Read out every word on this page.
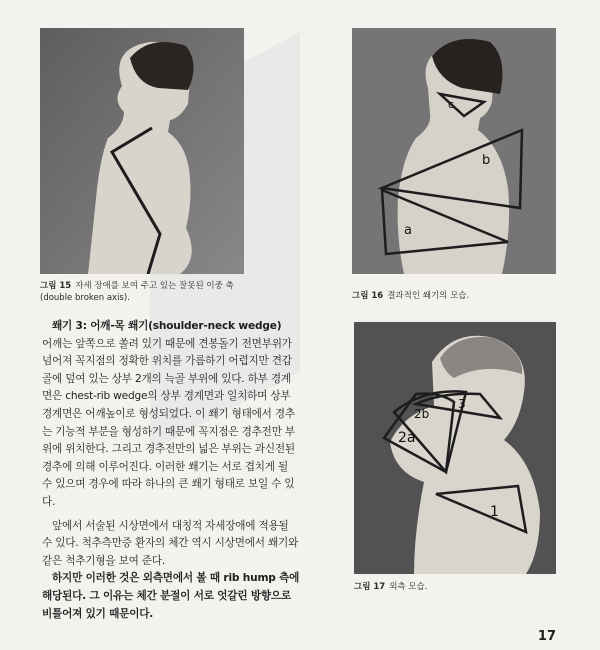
그림 15 자세 장애를 보여 주고 있는 잘못된 이중 축 (double broken axis).
c
b
a
그림 16 결과적인 쐐기의 모습.
2b
3
2a
1
그림 17 외측 모습.

쐐기 3: 어깨-목 쐐기(shoulder-neck wedge)

어깨는 앞쪽으로 쏠려 있기 때문에 견봉돌기 전면부위가 넘어져 꼭지점의 정확한 위치를 가름하기 어렵지만 견갑골에 덮여 있는 상부 2개의 늑골 부위에 있다. 하부 경계면은 chest-rib wedge의 상부 경계면과 일치하며 상부 경계면은 어깨높이로 형성되었다. 이 쐐기 형태에서 경추는 기능적 부분을 형성하기 때문에 꼭지점은 경추전만 부위에 위치한다. 그리고 경추전만의 넓은 부위는 과신전된 경추에 의해 이루어진다. 이러한 쐐기는 서로 겹치게 될 수 있으며 경우에 따라 하나의 큰 쐐기 형태로 보일 수 있다.

앞에서 서술된 시상면에서 대칭적 자세장애에 적용될 수 있다. 척추측만증 환자의 체간 역시 시상면에서 쐐기와 같은 척추기형을 보여 준다.

하지만 이러한 것은 외측면에서 볼 때 rib hump 측에 해당된다. 그 이유는 체간 분절이 서로 엇갈린 방향으로 비틀어져 있기 때문이다.

17
